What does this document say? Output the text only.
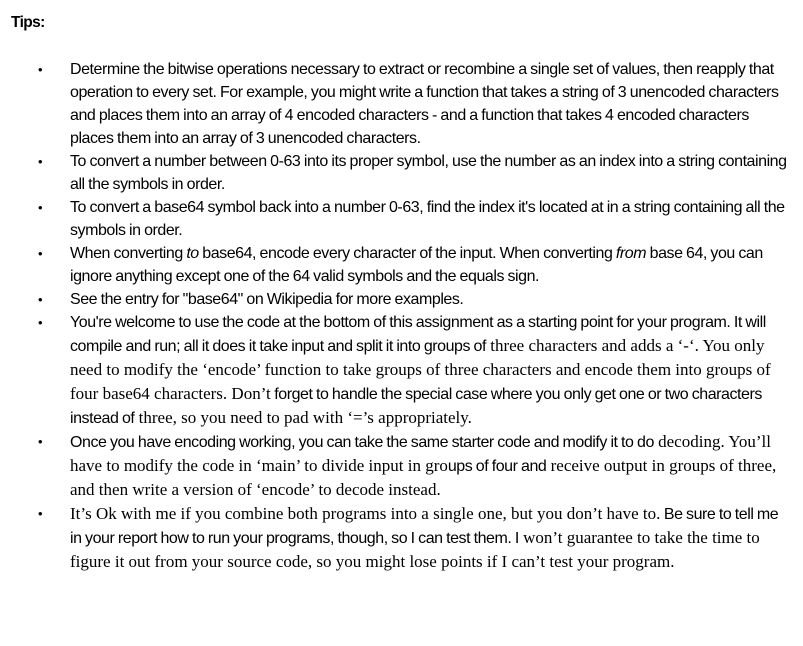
Tips:
• Determine the bitwise operations necessary to extract or recombine a single set of values, then reapply that operation to every set. For example, you might write a function that takes a string of 3 unencoded characters and places them into an array of 4 encoded characters - and a function that takes 4 encoded characters places them into an array of 3 unencoded characters.
• To convert a number between 0-63 into its proper symbol, use the number as an index into a string containing all the symbols in order.
• To convert a base64 symbol back into a number 0-63, find the index it's located at in a string containing all the symbols in order.
• When converting to base64, encode every character of the input. When converting from base 64, you can ignore anything except one of the 64 valid symbols and the equals sign.
• See the entry for "base64" on Wikipedia for more examples.
• You're welcome to use the code at the bottom of this assignment as a starting point for your program. It will compile and run; all it does it take input and split it into groups of three characters and adds a ‘-‘. You only need to modify the ‘encode’ function to take groups of three characters and encode them into groups of four base64 characters. Don’t forget to handle the special case where you only get one or two characters instead of three, so you need to pad with ‘=’s appropriately.
• Once you have encoding working, you can take the same starter code and modify it to do decoding. You’ll have to modify the code in ‘main’ to divide input in groups of four and receive output in groups of three, and then write a version of ‘encode’ to decode instead.
• It’s Ok with me if you combine both programs into a single one, but you don’t have to. Be sure to tell me in your report how to run your programs, though, so I can test them. I won’t guarantee to take the time to figure it out from your source code, so you might lose points if I can’t test your program.
